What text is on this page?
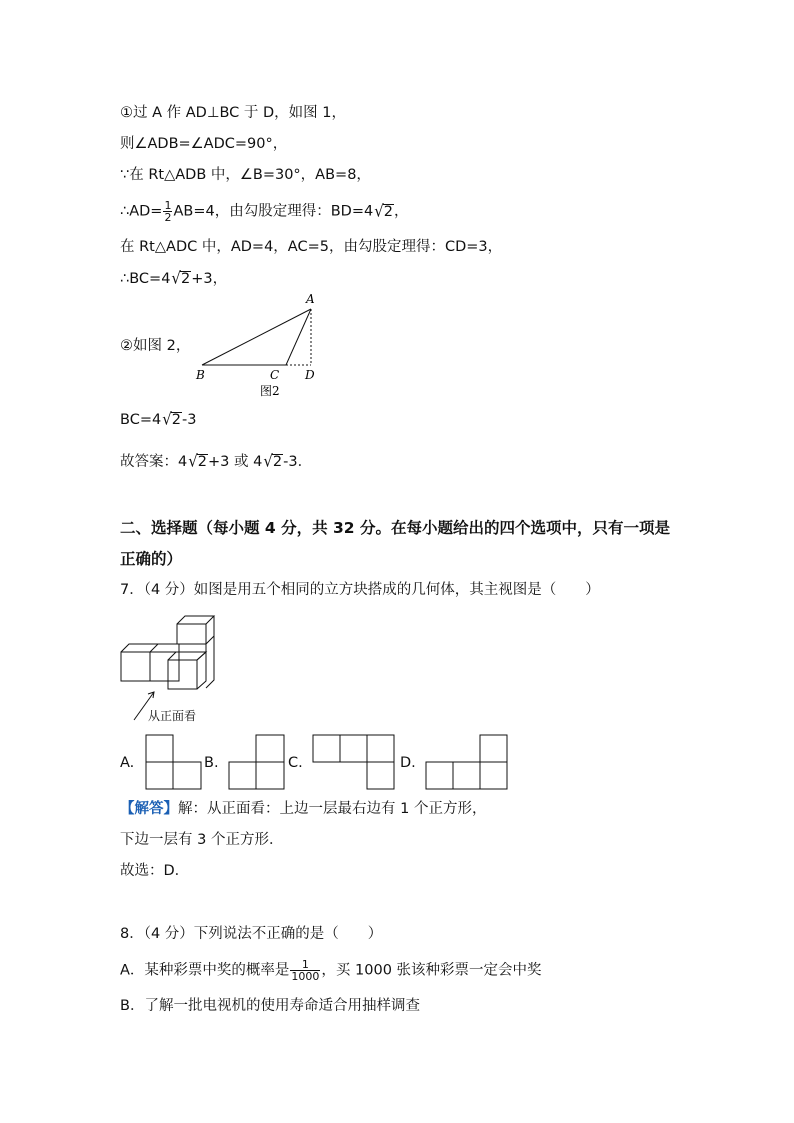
①过 A 作 AD⊥BC 于 D，如图 1，
则∠ADB=∠ADC=90°，
∵在 Rt△ADB 中，∠B=30°，AB=8，
∴AD= $\frac{1}{2} AB=4$，由勾股定理得：BD=4√2，
在 Rt△ADC 中，AD=4，AC=5，由勾股定理得：CD=3，
∴BC=4√2+3，
②如图 2，
A
B	C D
图2
BC=4√2-3
故答案：4√2+3 或 4√2-3．
二、选择题（每小题 4 分，共 32 分。在每小题给出的四个选项中，只有一项是
正确的）
7．（4 分）如图是用五个相同的立方块搭成的几何体，其主视图是（　　）
从正面看
A.	B.	C.	D.
【解答】解：从正面看：上边一层最右边有 1 个正方形，
下边一层有 3 个正方形．
故选：D．
8．（4 分）下列说法不正确的是（　　）
A．某种彩票中奖的概率是 $\frac{1}{1000}$ ，买 1000 张该种彩票一定会中奖
B．了解一批电视机的使用寿命适合用抽样调查
